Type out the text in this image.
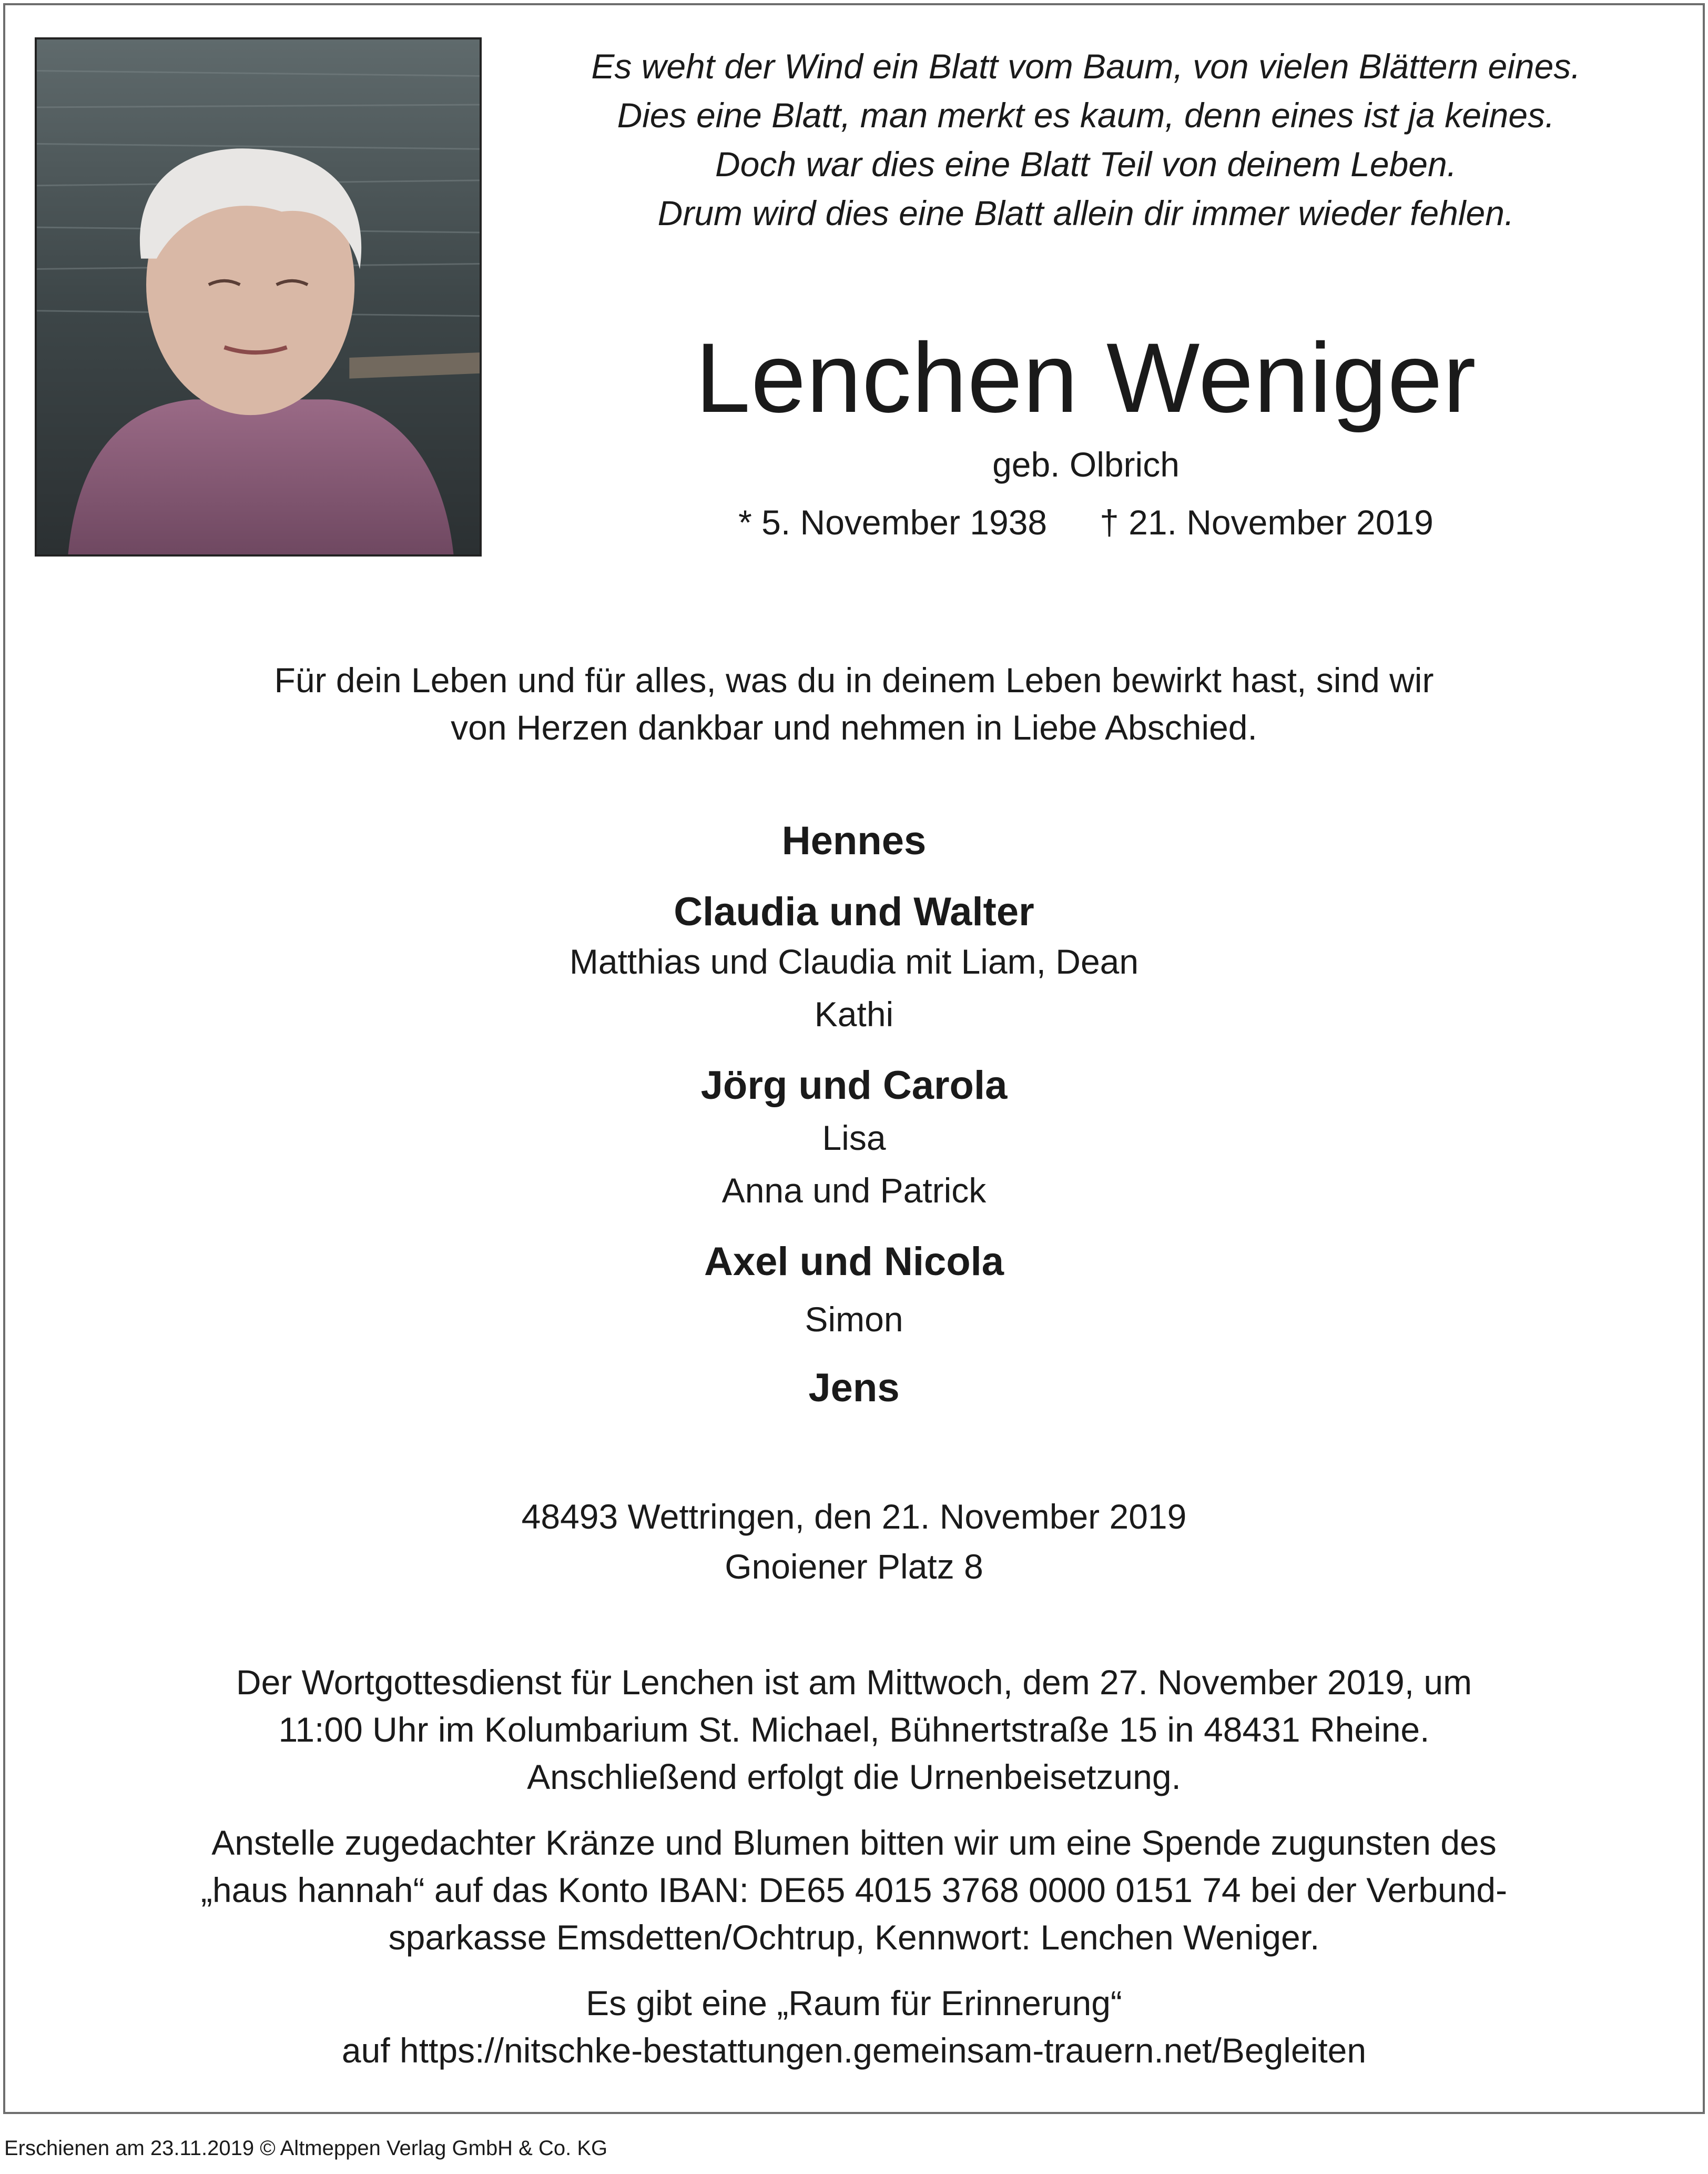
Es weht der Wind ein Blatt vom Baum, von vielen Blättern eines.
Dies eine Blatt, man merkt es kaum, denn eines ist ja keines.
Doch war dies eine Blatt Teil von deinem Leben.
Drum wird dies eine Blatt allein dir immer wieder fehlen.
Lenchen Weniger
geb. Olbrich
* 5. November 1938 † 21. November 2019
Für dein Leben und für alles, was du in deinem Leben bewirkt hast, sind wir
von Herzen dankbar und nehmen in Liebe Abschied.
Hennes
Claudia und Walter
Matthias und Claudia mit Liam, Dean
Kathi
Jörg und Carola
Lisa
Anna und Patrick
Axel und Nicola
Simon
Jens
48493 Wettringen, den 21. November 2019
Gnoiener Platz 8
Der Wortgottesdienst für Lenchen ist am Mittwoch, dem 27. November 2019, um
11:00 Uhr im Kolumbarium St. Michael, Bühnertstraße 15 in 48431 Rheine.
Anschließend erfolgt die Urnenbeisetzung.
Anstelle zugedachter Kränze und Blumen bitten wir um eine Spende zugunsten des
„haus hannah“ auf das Konto IBAN: DE65 4015 3768 0000 0151 74 bei der Verbund-
sparkasse Emsdetten/Ochtrup, Kennwort: Lenchen Weniger.
Es gibt eine „Raum für Erinnerung“
auf https://nitschke-bestattungen.gemeinsam-trauern.net/Begleiten
Erschienen am 23.11.2019 © Altmeppen Verlag GmbH & Co. KG
